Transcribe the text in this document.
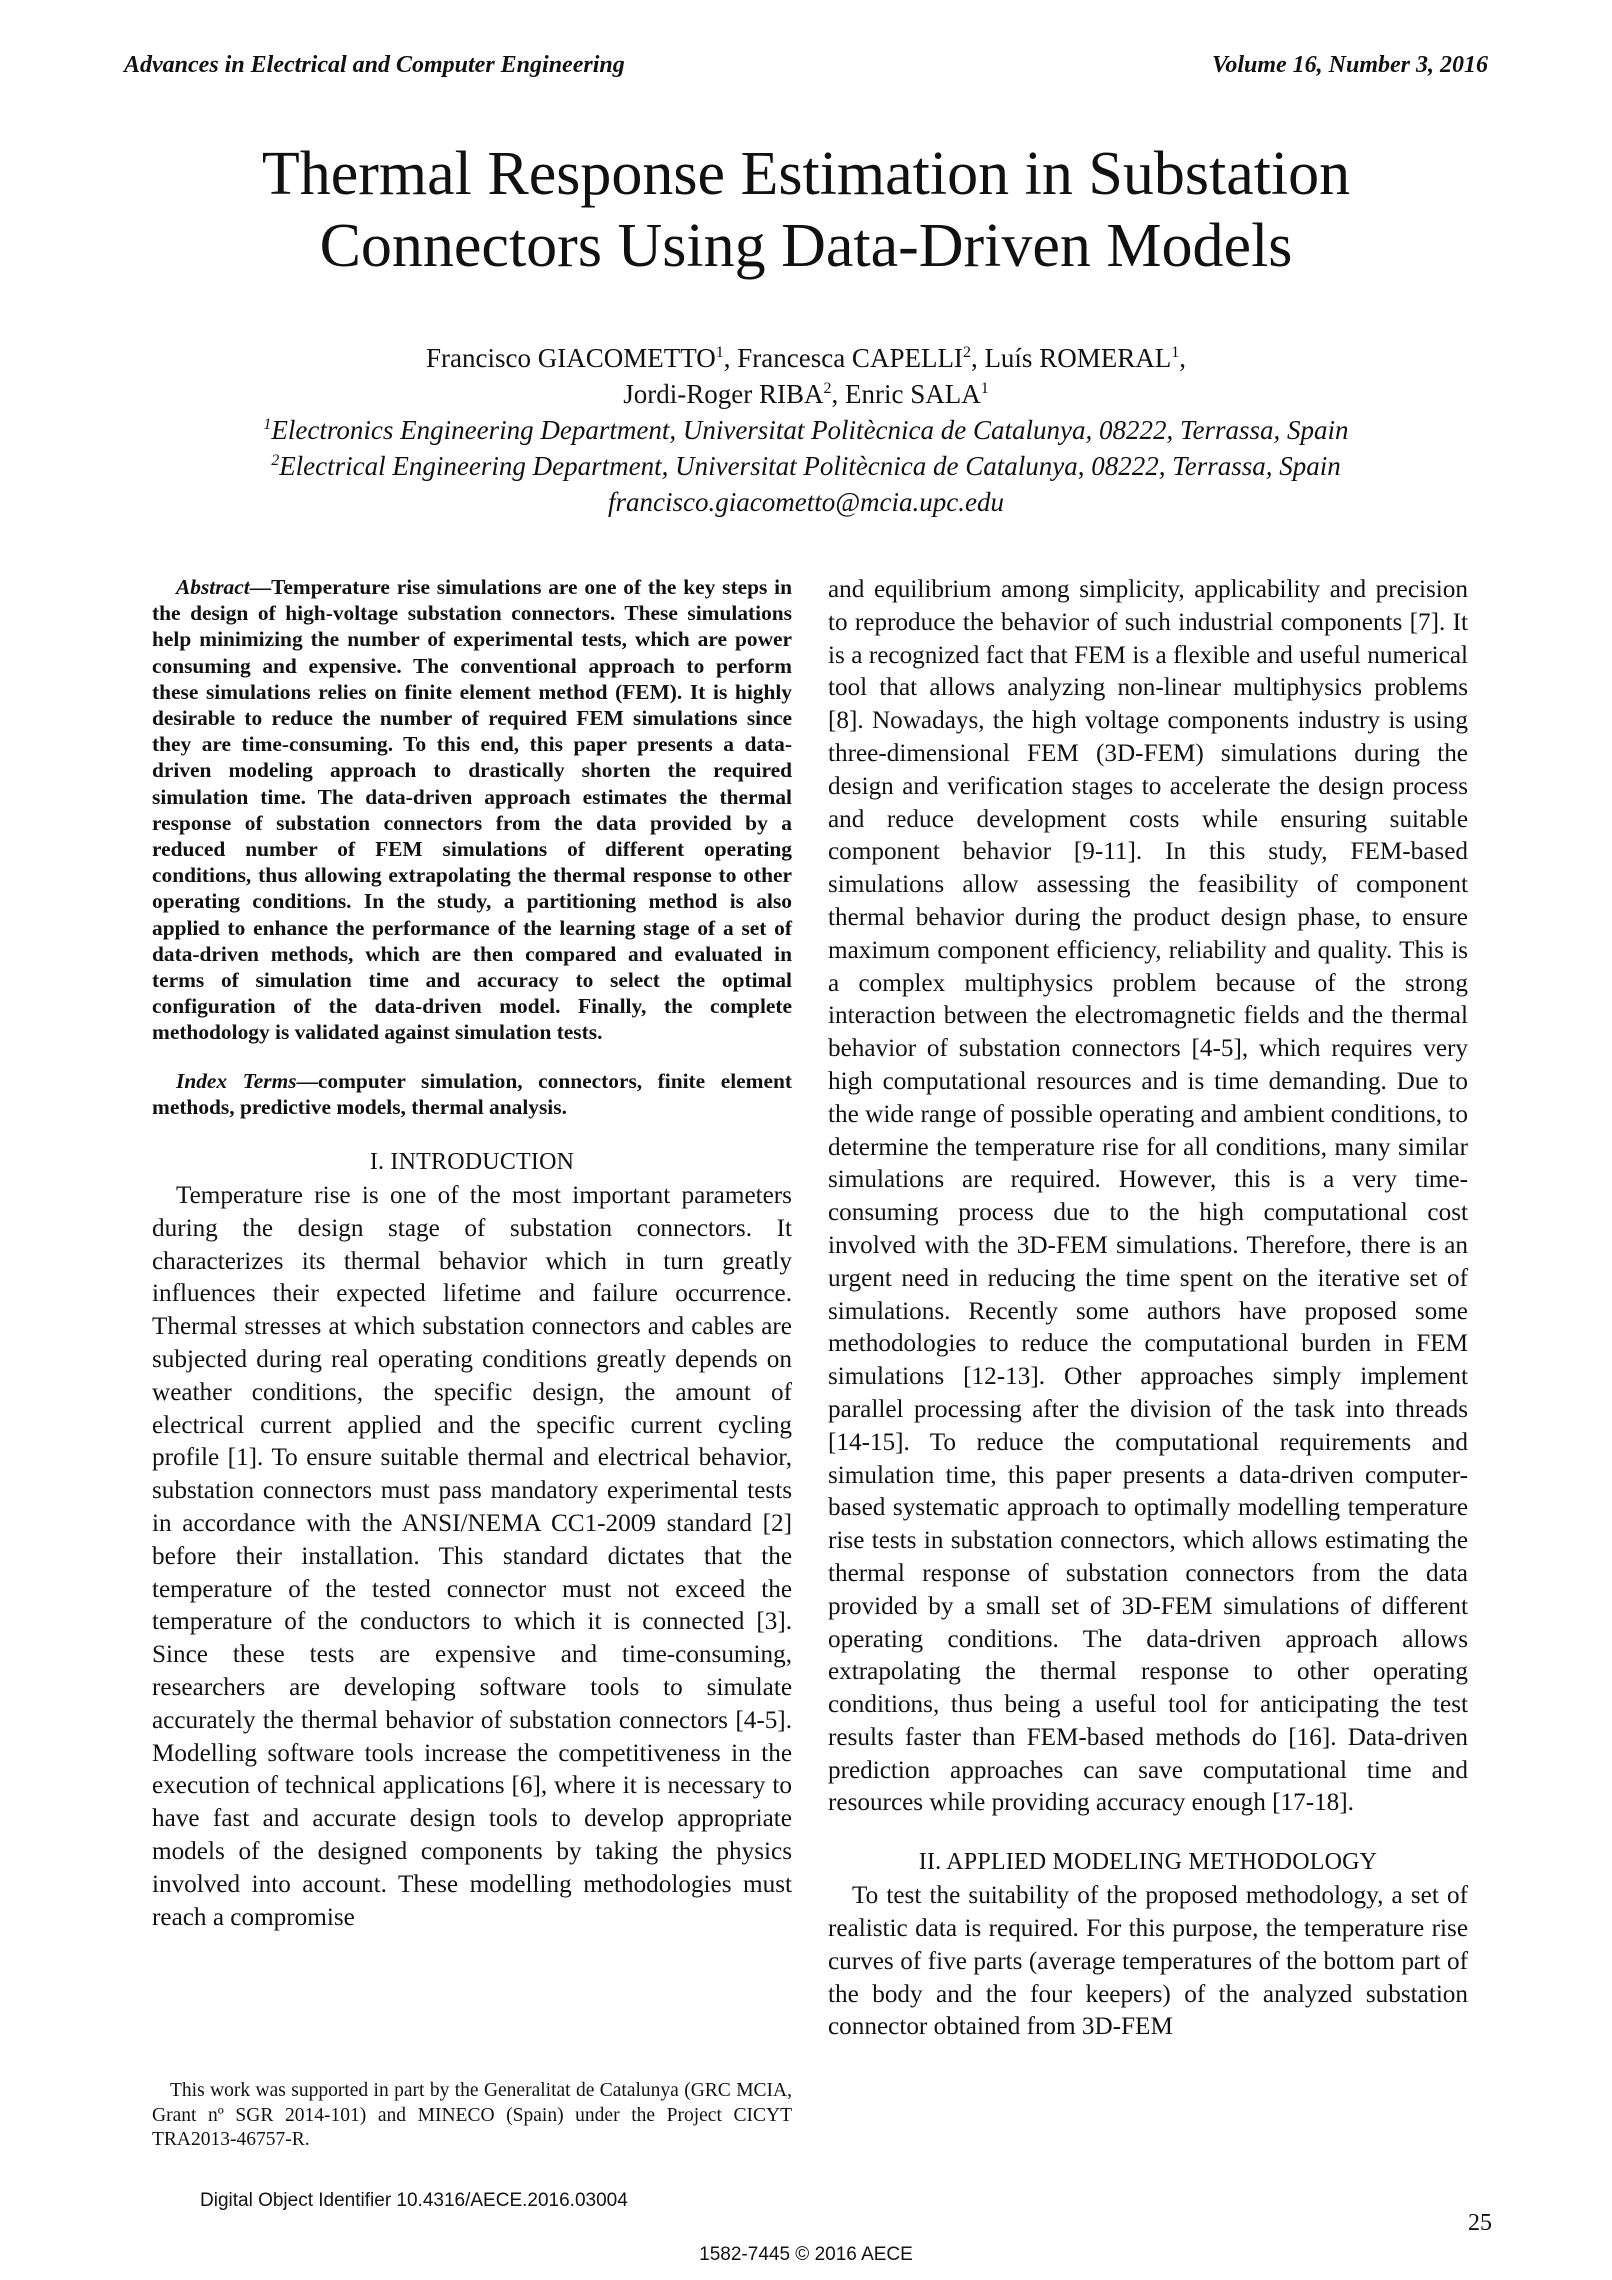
Advances in Electrical and Computer Engineering	Volume 16, Number 3, 2016
Thermal Response Estimation in Substation
Connectors Using Data-Driven Models
Francisco GIACOMETTO$^1$, Francesca CAPELLI$^2$, Luís ROMERAL$^1$,
Jordi-Roger RIBA$^2$, Enric SALA$^1$
$^1$Electronics Engineering Department, Universitat Politècnica de Catalunya, 08222, Terrassa, Spain
$^2$Electrical Engineering Department, Universitat Politècnica de Catalunya, 08222, Terrassa, Spain
francisco.giacometto@mcia.upc.edu

Abstract—Temperature rise simulations are one of the key steps in the design of high-voltage substation connectors. These simulations help minimizing the number of experimental tests, which are power consuming and expensive. The conventional approach to perform these simulations relies on finite element method (FEM). It is highly desirable to reduce the number of required FEM simulations since they are time-consuming. To this end, this paper presents a data-driven modeling approach to drastically shorten the required simulation time. The data-driven approach estimates the thermal response of substation connectors from the data provided by a reduced number of FEM simulations of different operating conditions, thus allowing extrapolating the thermal response to other operating conditions. In the study, a partitioning method is also applied to enhance the performance of the learning stage of a set of data-driven methods, which are then compared and evaluated in terms of simulation time and accuracy to select the optimal configuration of the data-driven model. Finally, the complete methodology is validated against simulation tests.

Index Terms—computer simulation, connectors, finite element methods, predictive models, thermal analysis.

I. INTRODUCTION

Temperature rise is one of the most important parameters during the design stage of substation connectors. It characterizes its thermal behavior which in turn greatly influences their expected lifetime and failure occurrence. Thermal stresses at which substation connectors and cables are subjected during real operating conditions greatly depends on weather conditions, the specific design, the amount of electrical current applied and the specific current cycling profile [1]. To ensure suitable thermal and electrical behavior, substation connectors must pass mandatory experimental tests in accordance with the ANSI/NEMA CC1-2009 standard [2] before their installation. This standard dictates that the temperature of the tested connector must not exceed the temperature of the conductors to which it is connected [3]. Since these tests are expensive and time-consuming, researchers are developing software tools to simulate accurately the thermal behavior of substation connectors [4-5]. Modelling software tools increase the competitiveness in the execution of technical applications [6], where it is necessary to have fast and accurate design tools to develop appropriate models of the designed components by taking the physics involved into account. These modelling methodologies must reach a compromise

and equilibrium among simplicity, applicability and precision to reproduce the behavior of such industrial components [7]. It is a recognized fact that FEM is a flexible and useful numerical tool that allows analyzing non-linear multiphysics problems [8]. Nowadays, the high voltage components industry is using three-dimensional FEM (3D-FEM) simulations during the design and verification stages to accelerate the design process and reduce development costs while ensuring suitable component behavior [9-11]. In this study, FEM-based simulations allow assessing the feasibility of component thermal behavior during the product design phase, to ensure maximum component efficiency, reliability and quality. This is a complex multiphysics problem because of the strong interaction between the electromagnetic fields and the thermal behavior of substation connectors [4-5], which requires very high computational resources and is time demanding. Due to the wide range of possible operating and ambient conditions, to determine the temperature rise for all conditions, many similar simulations are required. However, this is a very time-consuming process due to the high computational cost involved with the 3D-FEM simulations. Therefore, there is an urgent need in reducing the time spent on the iterative set of simulations. Recently some authors have proposed some methodologies to reduce the computational burden in FEM simulations [12-13]. Other approaches simply implement parallel processing after the division of the task into threads [14-15]. To reduce the computational requirements and simulation time, this paper presents a data-driven computer-based systematic approach to optimally modelling temperature rise tests in substation connectors, which allows estimating the thermal response of substation connectors from the data provided by a small set of 3D-FEM simulations of different operating conditions. The data-driven approach allows extrapolating the thermal response to other operating conditions, thus being a useful tool for anticipating the test results faster than FEM-based methods do [16]. Data-driven prediction approaches can save computational time and resources while providing accuracy enough [17-18].

II. APPLIED MODELING METHODOLOGY

To test the suitability of the proposed methodology, a set of realistic data is required. For this purpose, the temperature rise curves of five parts (average temperatures of the bottom part of the body and the four keepers) of the analyzed substation connector obtained from 3D-FEM

This work was supported in part by the Generalitat de Catalunya (GRC MCIA, Grant nº SGR 2014-101) and MINECO (Spain) under the Project CICYT TRA2013-46757-R.

Digital Object Identifier 10.4316/AECE.2016.03004
25
1582-7445 © 2016 AECE
